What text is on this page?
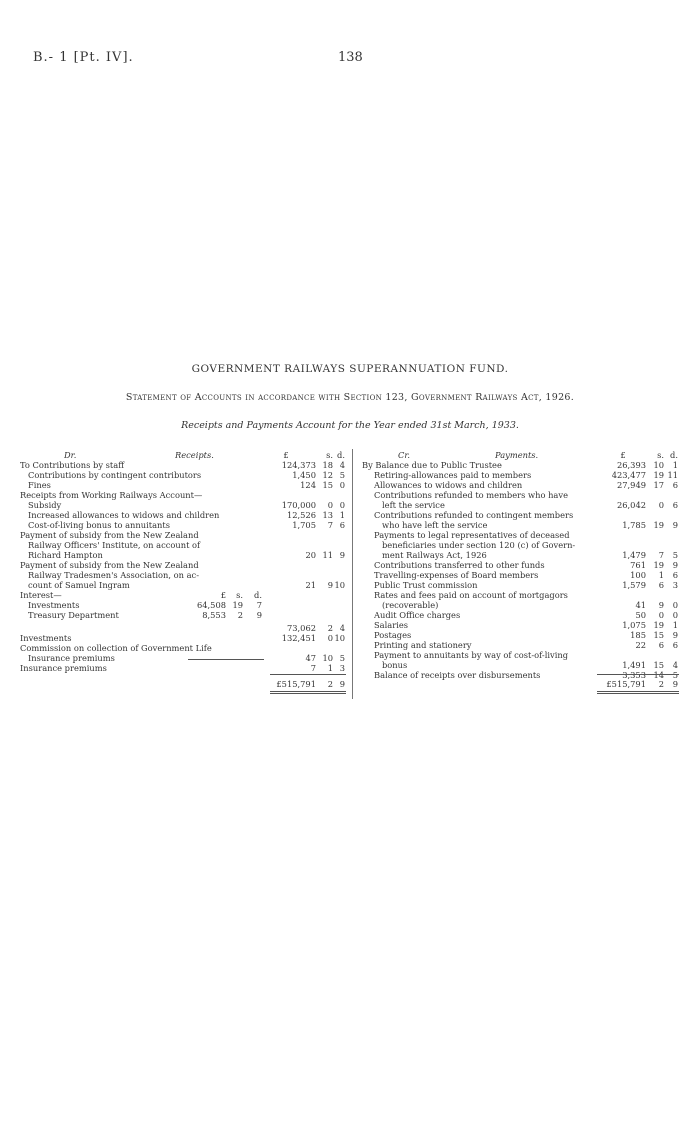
B.- 1 [Pt. IV].	138
GOVERNMENT RAILWAYS SUPERANNUATION FUND.
Statement of Accounts in accordance with Section 123, Government Railways Act, 1926.
Receipts and Payments Account for the Year ended 31st March, 1933.
Dr.	Receipts.	£	s. d.	Cr.	Payments.	£	s. d.
£	s.	d.
To Contributions by staff	124,373 18 4
Contributions by contingent contributors	1,450 12 5
Fines	124 15 0
Receipts from Working Railways Account—
Subsidy	170,000	0 0
Increased allowances to widows and children	12,526 13 1
Cost-of-living bonus to annuitants	1,705	7 6
Payment of subsidy from the New Zealand
Railway Officers' Institute, on account of
Richard Hampton	20 11 9
Payment of subsidy from the New Zealand
Railway Tradesmen's Association, on ac-
count of Samuel Ingram	21	9 10
Interest—
Investments	64,508 19	7
Treasury Department	8,553	2	9
73,062	2 4
Investments	132,451	0 10
Commission on collection of Government Life
Insurance premiums	47 10 5
Insurance premiums	7	1 3
By Balance due to Public Trustee	26,393 10	1
Retiring-allowances paid to members	423,477 19 11
Allowances to widows and children	27,949 17	6
Contributions refunded to members who have
left the service	26,042	0	6
Contributions refunded to contingent members
who have left the service	1,785 19	9
Payments to legal representatives of deceased
beneficiaries under section 120 (c) of Govern-
ment Railways Act, 1926	1,479	7	5
Contributions transferred to other funds	761 19	9
Travelling-expenses of Board members	100	1	6
Public Trust commission	1,579	6	3
Rates and fees paid on account of mortgagors
(recoverable)	41	9	0
Audit Office charges	50	0	0
Salaries	1,075 19	1
Postages	185 15	9
Printing and stationery	22	6	6
Payment to annuitants by way of cost-of-living
bonus	1,491 15	4
Balance of receipts over disbursements	3,353 14	5
£515,791	2 9	£515,791	2	9
